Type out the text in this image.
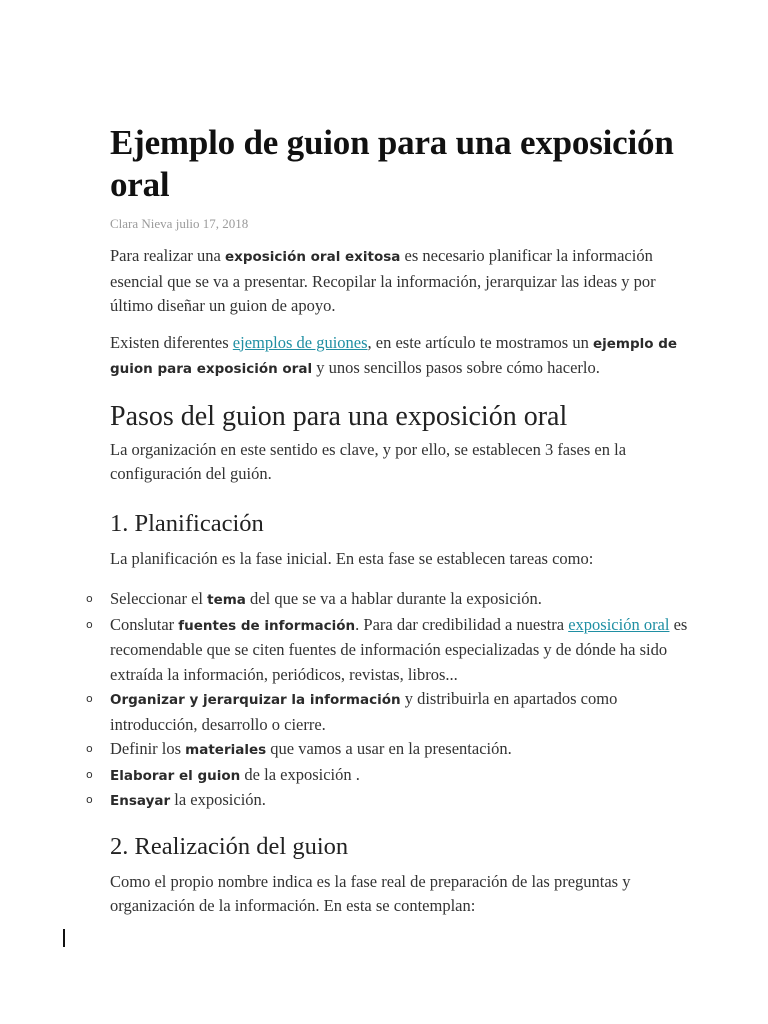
Ejemplo de guion para una exposición oral
Clara Nieva julio 17, 2018

Para realizar una exposición oral exitosa es necesario planificar la información esencial que se va a presentar. Recopilar la información, jerarquizar las ideas y por último diseñar un guion de apoyo.

Existen diferentes ejemplos de guiones, en este artículo te mostramos un ejemplo de guion para exposición oral y unos sencillos pasos sobre cómo hacerlo.

Pasos del guion para una exposición oral

La organización en este sentido es clave, y por ello, se establecen 3 fases en la configuración del guión.

1. Planificación

La planificación es la fase inicial. En esta fase se establecen tareas como:

o Seleccionar el tema del que se va a hablar durante la exposición.
o Conslutar fuentes de información. Para dar credibilidad a nuestra exposición oral es recomendable que se citen fuentes de información especializadas y de dónde ha sido extraída la información, periódicos, revistas, libros...
o Organizar y jerarquizar la información y distribuirla en apartados como introducción, desarrollo o cierre.
o Definir los materiales que vamos a usar en la presentación.
o Elaborar el guion de la exposición .
o Ensayar la exposición.
2. Realización del guion

Como el propio nombre indica es la fase real de preparación de las preguntas y organización de la información. En esta se contemplan:
